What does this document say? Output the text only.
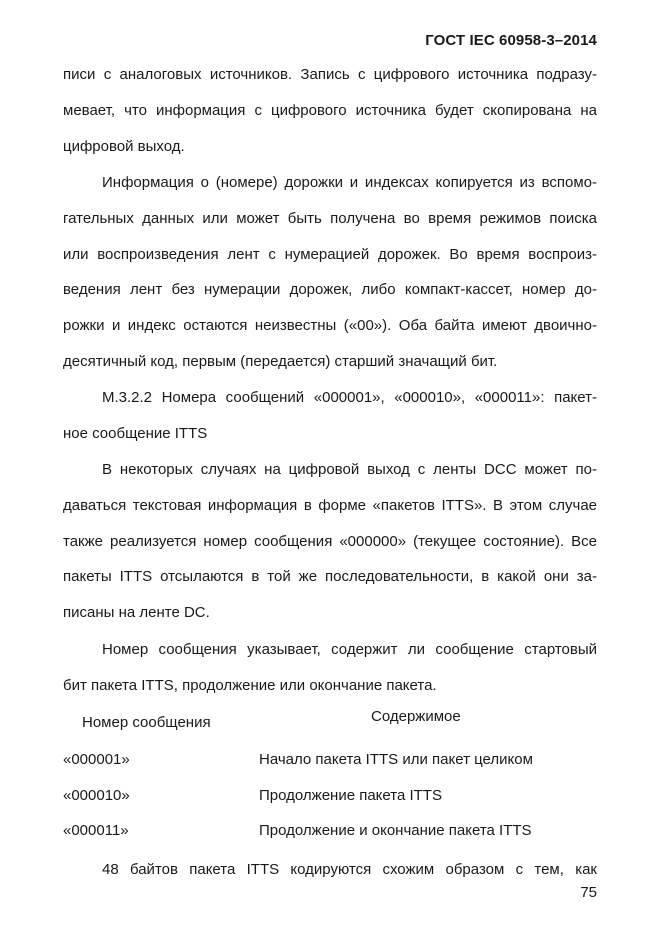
ГОСТ IEC 60958-3–2014
писи с аналоговых источников. Запись с цифрового источника подразу-
мевает, что информация с цифрового источника будет скопирована на
цифровой выход.
Информация о (номере) дорожки и индексах копируется из вспомо-
гательных данных или может быть получена во время режимов поиска
или воспроизведения лент с нумерацией дорожек. Во время воспроиз-
ведения лент без нумерации дорожек, либо компакт-кассет, номер до-
рожки и индекс остаются неизвестны («00»). Оба байта имеют двоично-
десятичный код, первым (передается) старший значащий бит.
М.3.2.2 Номера сообщений «000001», «000010», «000011»: пакет-
ное сообщение ITTS
В некоторых случаях на цифровой выход с ленты DCC может по-
даваться текстовая информация в форме «пакетов ITTS». В этом случае
также реализуется номер сообщения «000000» (текущее состояние). Все
пакеты ITTS отсылаются в той же последовательности, в какой они за-
писаны на ленте DC.
Номер сообщения указывает, содержит ли сообщение стартовый
бит пакета ITTS, продолжение или окончание пакета.
Номер сообщения	Содержимое
«000001»	Начало пакета ITTS или пакет целиком
«000010»	Продолжение пакета ITTS
«000011»	Продолжение и окончание пакета ITTS
48 байтов пакета ITTS кодируются схожим образом с тем, как
75
